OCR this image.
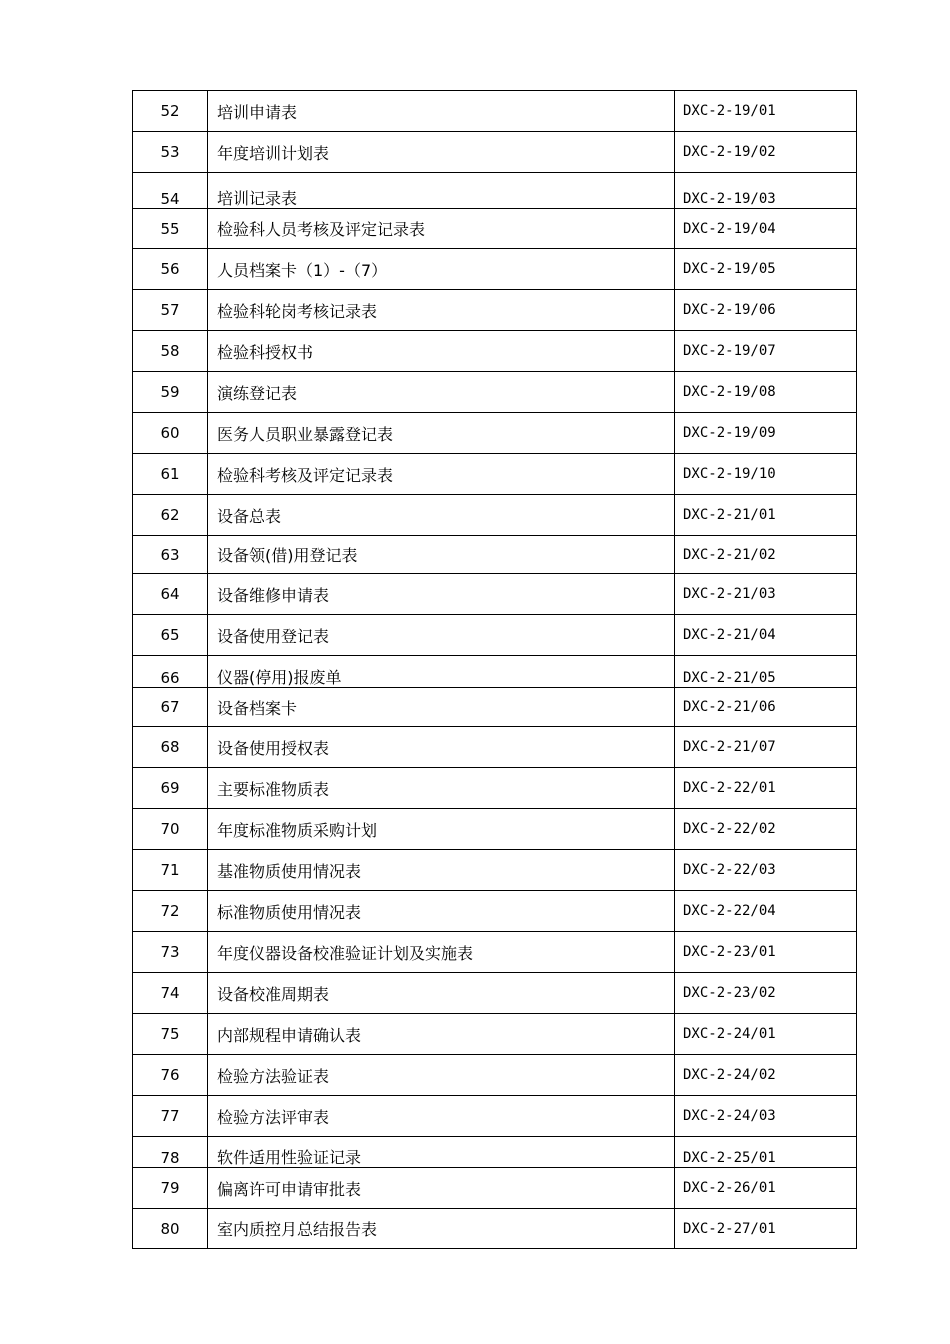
52	培训申请表	DXC-2-19/01
53	年度培训计划表	DXC-2-19/02
54	培训记录表	DXC-2-19/03
55	检验科人员考核及评定记录表	DXC-2-19/04
56	人员档案卡（1）-（7）	DXC-2-19/05
57	检验科轮岗考核记录表	DXC-2-19/06
58	检验科授权书	DXC-2-19/07
59	演练登记表	DXC-2-19/08
60	医务人员职业暴露登记表	DXC-2-19/09
61	检验科考核及评定记录表	DXC-2-19/10
62	设备总表	DXC-2-21/01
63	设备领(借)用登记表	DXC-2-21/02
64	设备维修申请表	DXC-2-21/03
65	设备使用登记表	DXC-2-21/04
66	仪器(停用)报废单	DXC-2-21/05
67	设备档案卡	DXC-2-21/06
68	设备使用授权表	DXC-2-21/07
69	主要标准物质表	DXC-2-22/01
70	年度标准物质采购计划	DXC-2-22/02
71	基准物质使用情况表	DXC-2-22/03
72	标准物质使用情况表	DXC-2-22/04
73	年度仪器设备校准验证计划及实施表	DXC-2-23/01
74	设备校准周期表	DXC-2-23/02
75	内部规程申请确认表	DXC-2-24/01
76	检验方法验证表	DXC-2-24/02
77	检验方法评审表	DXC-2-24/03
78	软件适用性验证记录	DXC-2-25/01
79	偏离许可申请审批表	DXC-2-26/01
80	室内质控月总结报告表	DXC-2-27/01
